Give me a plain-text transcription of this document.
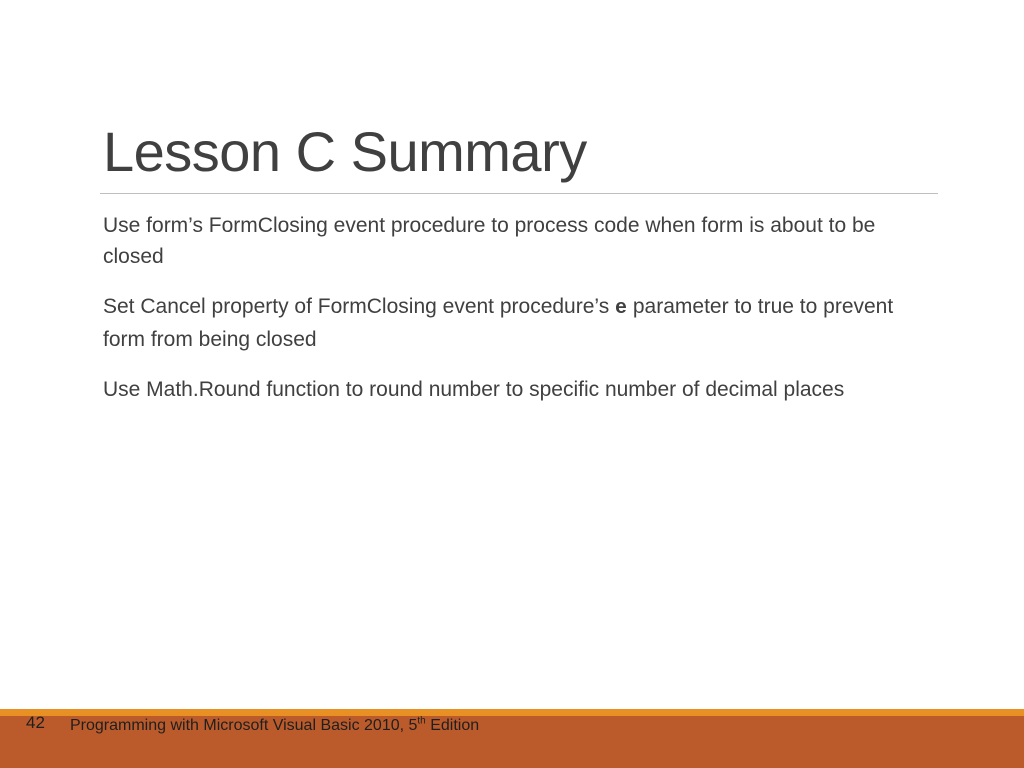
Lesson C Summary
Use form’s FormClosing event procedure to process code when form is about to be closed
Set Cancel property of FormClosing event procedure’s e parameter to true to prevent form from being closed
Use Math.Round function to round number to specific number of decimal places
42 Programming with Microsoft Visual Basic 2010, 5th Edition
